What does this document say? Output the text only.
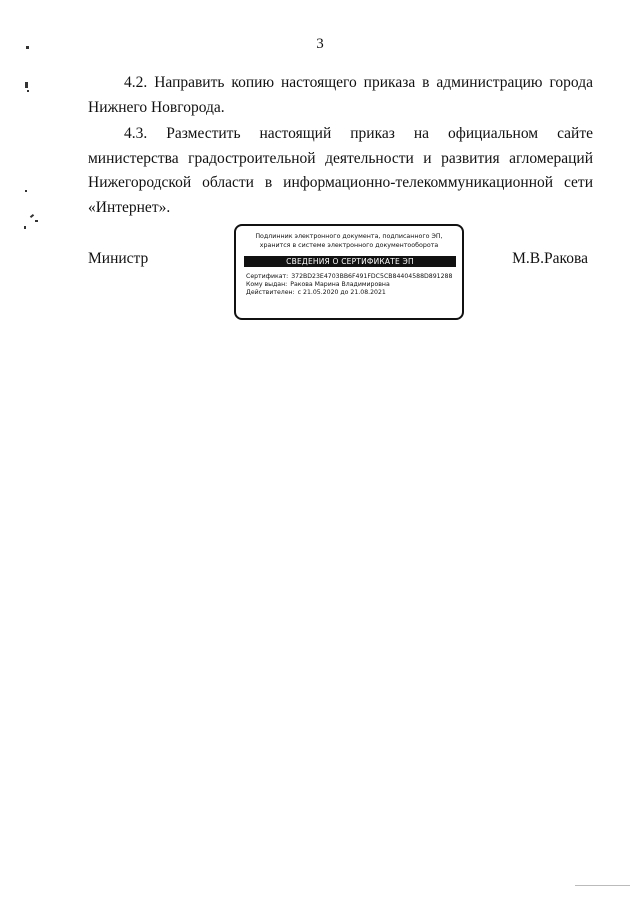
3
4.2. Направить копию настоящего приказа в администрацию города Нижнего Новгорода.
4.3. Разместить настоящий приказ на официальном сайте министерства градостроительной деятельности и развития агломераций Нижегородской области в информационно-телекоммуникационной сети «Интернет».
Министр	М.В.Ракова
Подлинник электронного документа, подписанного ЭП, хранится в системе электронного документооборота
СВЕДЕНИЯ О СЕРТИФИКАТЕ ЭП
Сертификат: 372BD23E4703BB6F491FDC5CB84404588D891288
Кому выдан: Ракова Марина Владимировна
Действителен: с 21.05.2020 до 21.08.2021
